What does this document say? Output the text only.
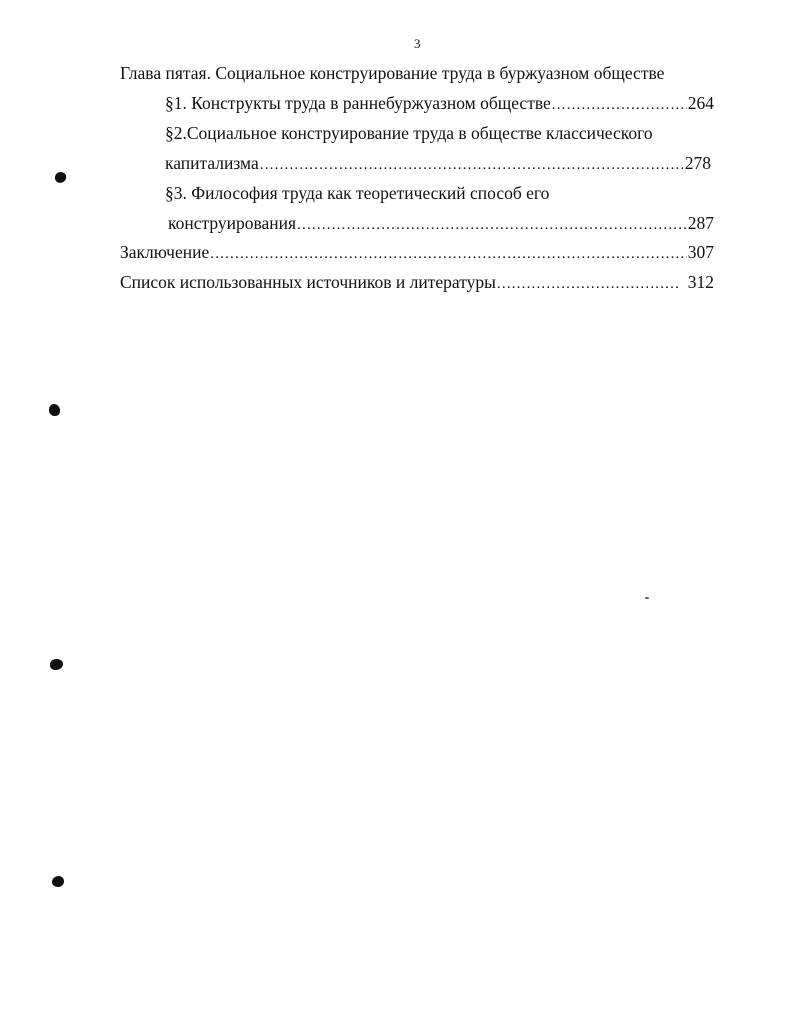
3
Глава пятая. Социальное конструирование труда в буржуазном обществе
§1. Конструкты труда в раннебуржуазном обществе .....	264
§2.Социальное конструирование труда в обществе классического
капитализма .....	278
§3. Философия труда как теоретический способ его
конструирования .....	287
Заключение .....	307
Список использованных источников и литературы .....	312
